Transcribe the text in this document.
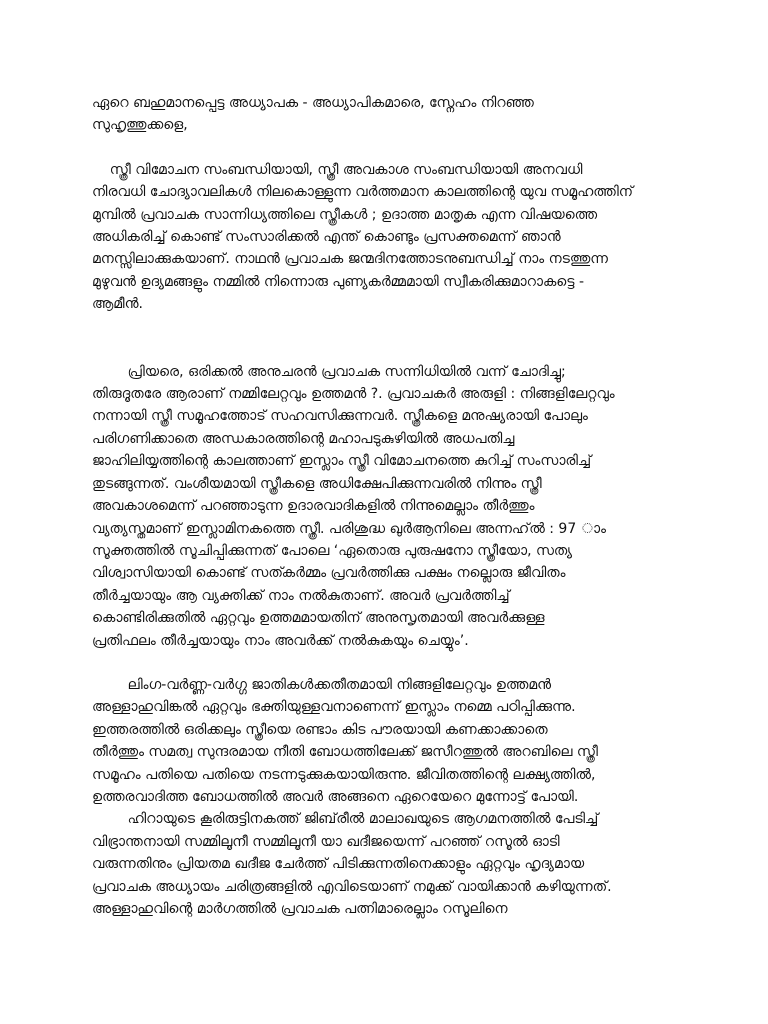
ഏറെ ബഹുമാനപ്പെട്ട അധ്യാപക - അധ്യാപികമാരെ, സ്നേഹം നിറഞ്ഞ
സുഹൃത്തുക്കളെ,

സ്ത്രീ വിമോചന സംബന്ധിയായി, സ്ത്രീ അവകാശ സംബന്ധിയായി അനവധി
നിരവധി ചോദ്യാവലികൾ നിലകൊള്ളുന്ന വർത്തമാന കാലത്തിന്റെ യുവ സമൂഹത്തിന്
മുമ്പിൽ പ്രവാചക സാന്നിധ്യത്തിലെ സ്ത്രീകൾ ; ഉദാത്ത മാതൃക എന്ന വിഷയത്തെ
അധികരിച്ച് കൊണ്ട് സംസാരിക്കൽ എന്ത് കൊണ്ടും പ്രസക്തമെന്ന് ഞാൻ
മനസ്സിലാക്കുകയാണ്. നാഥൻ പ്രവാചക ജന്മദിനത്തോടനുബന്ധിച്ച് നാം നടത്തുന്ന
മുഴുവൻ ഉദ്യമങ്ങളും നമ്മിൽ നിന്നൊരു പുണ്യകർമ്മമായി സ്വീകരിക്കുമാറാകട്ടെ -
ആമീൻ.

പ്രിയരെ, ഒരിക്കൽ അനുചരൻ പ്രവാചക സന്നിധിയിൽ വന്ന് ചോദിച്ചു;
തിരുദൂതരേ ആരാണ് നമ്മിലേറ്റവും ഉത്തമൻ ?. പ്രവാചകർ അരുളി : നിങ്ങളിലേറ്റവും
നന്നായി സ്ത്രീ സമൂഹത്തോട് സഹവസിക്കുന്നവർ. സ്ത്രീകളെ മനുഷ്യരായി പോലും
പരിഗണിക്കാതെ അന്ധകാരത്തിന്റെ മഹാപടുകുഴിയിൽ അധപതിച്ച
ജാഹിലിയ്യത്തിന്റെ കാലത്താണ് ഇസ്ലാം സ്ത്രീ വിമോചനത്തെ കുറിച്ച് സംസാരിച്ച്
തുടങ്ങുന്നത്. വംശീയമായി സ്ത്രീകളെ അധിക്ഷേപിക്കുന്നവരിൽ നിന്നും സ്ത്രീ
അവകാശമെന്ന് പറഞ്ഞാടുന്ന ഉദാരവാദികളിൽ നിന്നുമെല്ലാം തീർത്തും
വ്യത്യസ്തമാണ് ഇസ്ലാമിനകത്തെ സ്ത്രീ. പരിശുദ്ധ ഖുർആനിലെ അന്നഹ്ൽ : 97 ാം
സൂക്തത്തിൽ സൂചിപ്പിക്കുന്നത് പോലെ ‘ഏതൊരു പുരുഷനോ സ്ത്രീയോ, സത്യ
വിശ്വാസിയായി കൊണ്ട് സത്കർമ്മം പ്രവർത്തിക്കു പക്ഷം നല്ലൊരു ജീവിതം
തീർച്ചയായും ആ വ്യക്തിക്ക് നാം നൽകുതാണ്. അവർ പ്രവർത്തിച്ച്
കൊണ്ടിരിക്കുതിൽ ഏറ്റവും ഉത്തമമായതിന് അനുസൃതമായി അവർക്കുള്ള
പ്രതിഫലം തീർച്ചയായും നാം അവർക്ക് നൽകുകയും ചെയ്യും’.

ലിംഗ-വർണ്ണ-വർഗ്ഗ ജാതികൾക്കതീതമായി നിങ്ങളിലേറ്റവും ഉത്തമൻ
അള്ളാഹുവിങ്കൽ ഏറ്റവും ഭക്തിയുള്ളവനാണെന്ന് ഇസ്ലാം നമ്മെ പഠിപ്പിക്കുന്നു.
ഇത്തരത്തിൽ ഒരിക്കലും സ്ത്രീയെ രണ്ടാം കിട പൗരയായി കണക്കാക്കാതെ
തീർത്തും സമത്വ സുന്ദരമായ നീതി ബോധത്തിലേക്ക് ജസീറത്തുൽ അറബിലെ സ്ത്രീ
സമൂഹം പതിയെ പതിയെ നടന്നടുക്കുകയായിരുന്നു. ജീവിതത്തിന്റെ ലക്ഷ്യത്തിൽ,
ഉത്തരവാദിത്ത ബോധത്തിൽ അവർ അങ്ങനെ ഏറെയേറെ മുന്നോട്ട് പോയി.
ഹിറായുടെ കൂരിരുട്ടിനകത്ത് ജിബ്‌രീൽ മാലാഖയുടെ ആഗമനത്തിൽ പേടിച്ച്
വിഭ്രാന്തനായി സമ്മിലൂനീ സമ്മിലൂനീ യാ ഖദീജയെന്ന് പറഞ്ഞ് റസൂൽ ഓടി
വരുന്നതിനും പ്രിയതമ ഖദീജ ചേർത്ത് പിടിക്കുന്നതിനെക്കാളും ഏറ്റവും ഹൃദ്യമായ
പ്രവാചക അധ്യായം ചരിത്രങ്ങളിൽ എവിടെയാണ് നമുക്ക് വായിക്കാൻ കഴിയുന്നത്.
അള്ളാഹുവിന്റെ മാർഗത്തിൽ പ്രവാചക പത്നിമാരെല്ലാം റസൂലിനെ
